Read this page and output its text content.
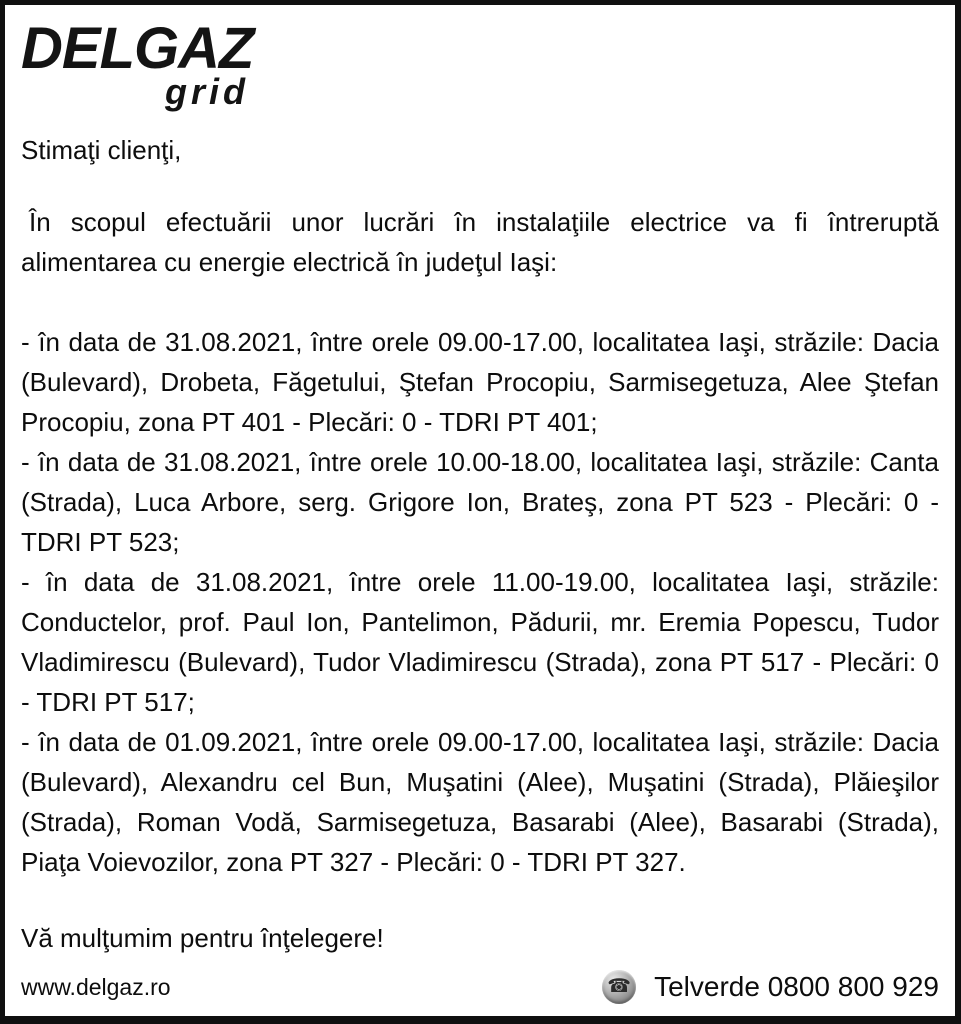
DELGAZ
grid

Stimaţi clienţi,

În scopul efectuării unor lucrări în instalaţiile electrice va fi întreruptă alimentarea cu energie electrică în judeţul Iaşi:

- în data de 31.08.2021, între orele 09.00-17.00, localitatea Iaşi, străzile: Dacia (Bulevard), Drobeta, Făgetului, Ştefan Procopiu, Sarmisegetuza, Alee Ştefan Procopiu, zona PT 401 - Plecări: 0 - TDRI PT 401;

- în data de 31.08.2021, între orele 10.00-18.00, localitatea Iaşi, străzile: Canta (Strada), Luca Arbore, serg. Grigore Ion, Brateş, zona PT 523 - Plecări: 0 - TDRI PT 523;

- în data de 31.08.2021, între orele 11.00-19.00, localitatea Iaşi, străzile: Conductelor, prof. Paul Ion, Pantelimon, Pădurii, mr. Eremia Popescu, Tudor Vladimirescu (Bulevard), Tudor Vladimirescu (Strada), zona PT 517 - Plecări: 0 - TDRI PT 517;

- în data de 01.09.2021, între orele 09.00-17.00, localitatea Iaşi, străzile: Dacia (Bulevard), Alexandru cel Bun, Muşatini (Alee), Muşatini (Strada), Plăieşilor (Strada), Roman Vodă, Sarmisegetuza, Basarabi (Alee), Basarabi (Strada), Piaţa Voievozilor, zona PT 327 - Plecări: 0 - TDRI PT 327.

Vă mulţumim pentru înţelegere!

www.delgaz.ro	☎ Telverde 0800 800 929
